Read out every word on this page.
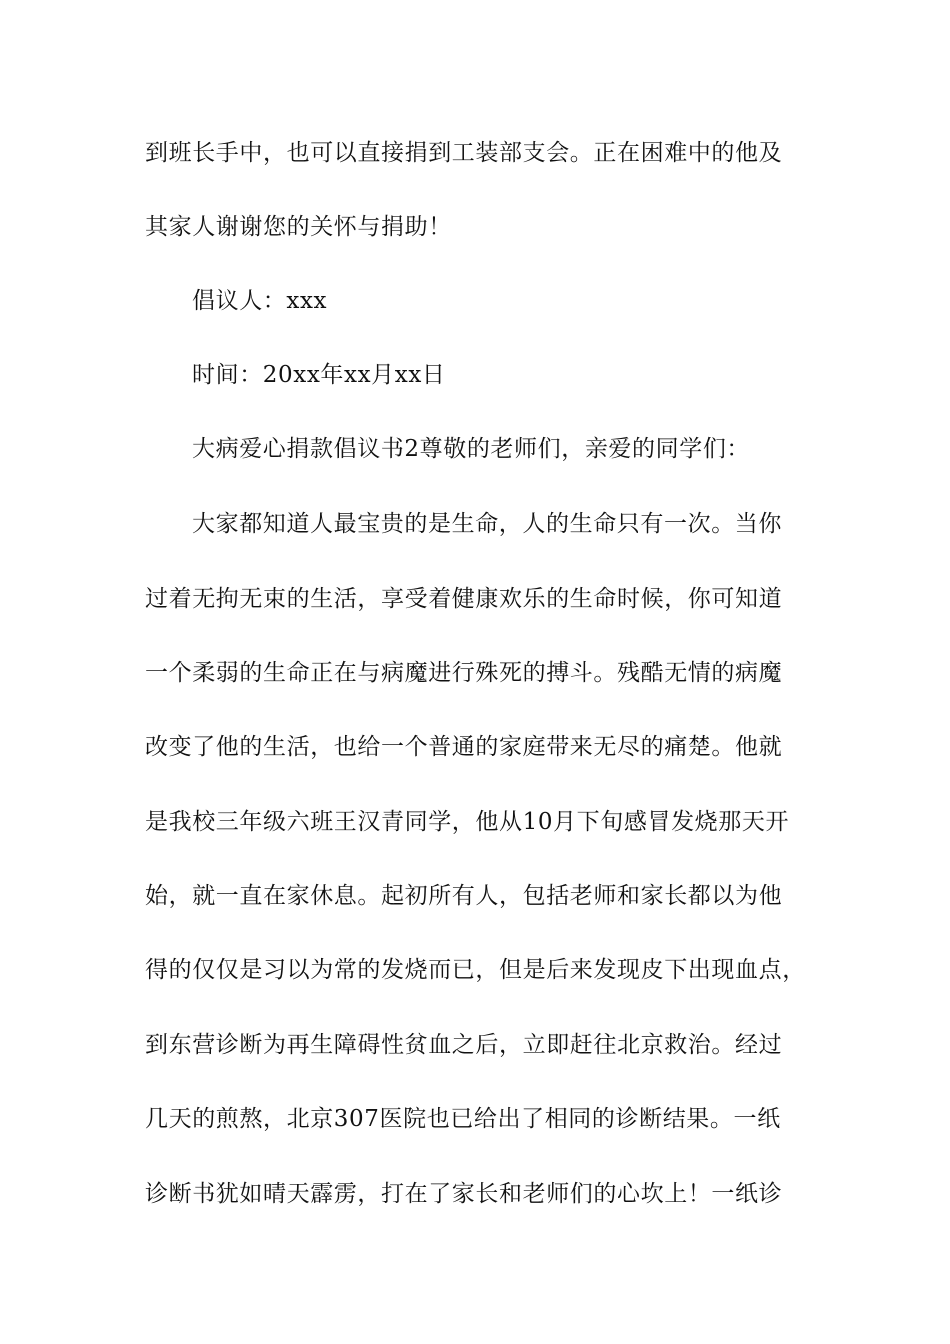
到班长手中，也可以直接捐到工装部支会。正在困难中的他及
其家人谢谢您的关怀与捐助！
倡议人：xxx
时间：20xx年xx月xx日
大病爱心捐款倡议书2尊敬的老师们，亲爱的同学们：
大家都知道人最宝贵的是生命，人的生命只有一次。当你
过着无拘无束的生活，享受着健康欢乐的生命时候，你可知道
一个柔弱的生命正在与病魔进行殊死的搏斗。残酷无情的病魔
改变了他的生活，也给一个普通的家庭带来无尽的痛楚。他就
是我校三年级六班王汉青同学，他从10月下旬感冒发烧那天开
始，就一直在家休息。起初所有人，包括老师和家长都以为他
得的仅仅是习以为常的发烧而已，但是后来发现皮下出现血点，
到东营诊断为再生障碍性贫血之后，立即赶往北京救治。经过
几天的煎熬，北京307医院也已给出了相同的诊断结果。一纸
诊断书犹如晴天霹雳，打在了家长和老师们的心坎上！一纸诊
